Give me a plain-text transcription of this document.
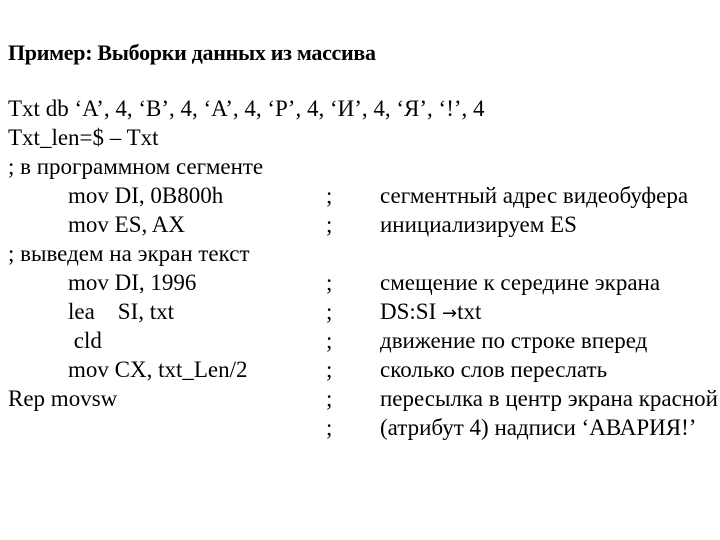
Пример: Выборки данных из массива
Txt db ‘A’, 4, ‘B’, 4, ‘A’, 4, ‘P’, 4, ‘И’, 4, ‘Я’, ‘!’, 4
Txt_len=$ – Txt
; в программном сегменте
mov DI, 0B800h	; сегментный адрес видеобуфера
mov ES, AX	; инициализируем ES
; выведем на экран текст
mov DI, 1996	; смещение к середине экрана
lea    SI, txt	; DS:SI →txt
cld	; движение по строке вперед
mov CX, txt_Len/2	; сколько слов переслать
Rep movsw	; пересылка в центр экрана красной
; (атрибут 4) надписи ‘АВАРИЯ!’
